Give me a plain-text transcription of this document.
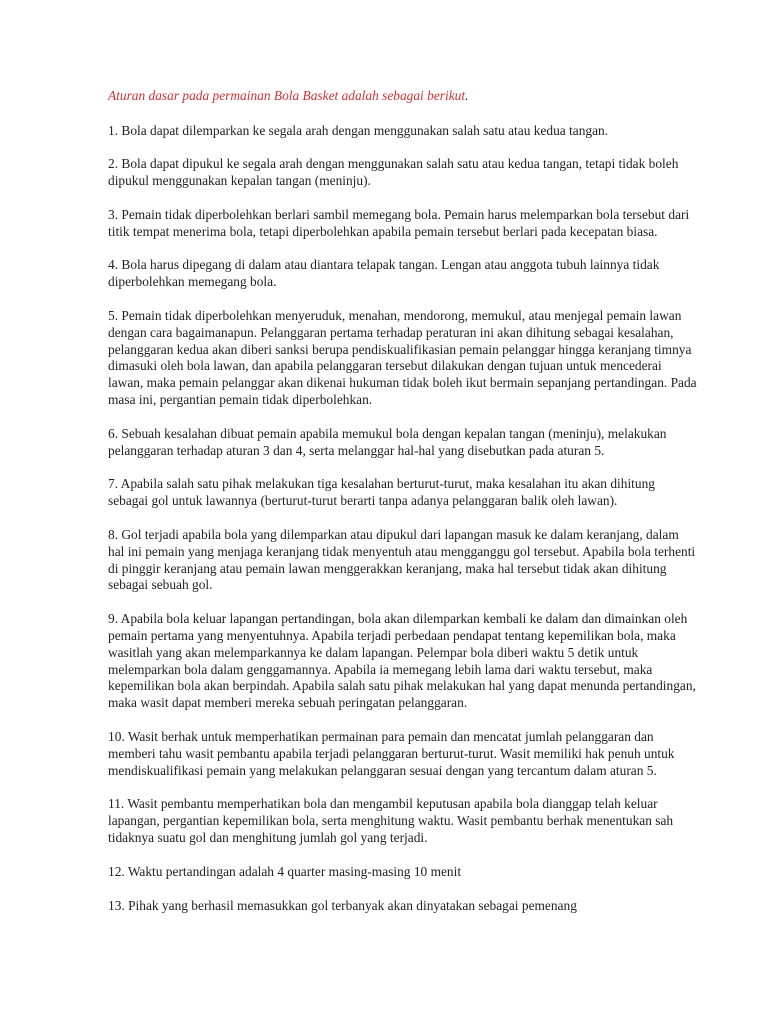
Aturan dasar pada permainan Bola Basket adalah sebagai berikut.

1. Bola dapat dilemparkan ke segala arah dengan menggunakan salah satu atau kedua tangan.

2. Bola dapat dipukul ke segala arah dengan menggunakan salah satu atau kedua tangan, tetapi tidak boleh
dipukul menggunakan kepalan tangan (meninju).

3. Pemain tidak diperbolehkan berlari sambil memegang bola. Pemain harus melemparkan bola tersebut dari
titik tempat menerima bola, tetapi diperbolehkan apabila pemain tersebut berlari pada kecepatan biasa.

4. Bola harus dipegang di dalam atau diantara telapak tangan. Lengan atau anggota tubuh lainnya tidak
diperbolehkan memegang bola.

5. Pemain tidak diperbolehkan menyeruduk, menahan, mendorong, memukul, atau menjegal pemain lawan
dengan cara bagaimanapun. Pelanggaran pertama terhadap peraturan ini akan dihitung sebagai kesalahan,
pelanggaran kedua akan diberi sanksi berupa pendiskualifikasian pemain pelanggar hingga keranjang timnya
dimasuki oleh bola lawan, dan apabila pelanggaran tersebut dilakukan dengan tujuan untuk mencederai
lawan, maka pemain pelanggar akan dikenai hukuman tidak boleh ikut bermain sepanjang pertandingan. Pada
masa ini, pergantian pemain tidak diperbolehkan.

6. Sebuah kesalahan dibuat pemain apabila memukul bola dengan kepalan tangan (meninju), melakukan
pelanggaran terhadap aturan 3 dan 4, serta melanggar hal-hal yang disebutkan pada aturan 5.

7. Apabila salah satu pihak melakukan tiga kesalahan berturut-turut, maka kesalahan itu akan dihitung
sebagai gol untuk lawannya (berturut-turut berarti tanpa adanya pelanggaran balik oleh lawan).

8. Gol terjadi apabila bola yang dilemparkan atau dipukul dari lapangan masuk ke dalam keranjang, dalam
hal ini pemain yang menjaga keranjang tidak menyentuh atau mengganggu gol tersebut. Apabila bola terhenti
di pinggir keranjang atau pemain lawan menggerakkan keranjang, maka hal tersebut tidak akan dihitung
sebagai sebuah gol.

9. Apabila bola keluar lapangan pertandingan, bola akan dilemparkan kembali ke dalam dan dimainkan oleh
pemain pertama yang menyentuhnya. Apabila terjadi perbedaan pendapat tentang kepemilikan bola, maka
wasitlah yang akan melemparkannya ke dalam lapangan. Pelempar bola diberi waktu 5 detik untuk
melemparkan bola dalam genggamannya. Apabila ia memegang lebih lama dari waktu tersebut, maka
kepemilikan bola akan berpindah. Apabila salah satu pihak melakukan hal yang dapat menunda pertandingan,
maka wasit dapat memberi mereka sebuah peringatan pelanggaran.

10. Wasit berhak untuk memperhatikan permainan para pemain dan mencatat jumlah pelanggaran dan
memberi tahu wasit pembantu apabila terjadi pelanggaran berturut-turut. Wasit memiliki hak penuh untuk
mendiskualifikasi pemain yang melakukan pelanggaran sesuai dengan yang tercantum dalam aturan 5.

11. Wasit pembantu memperhatikan bola dan mengambil keputusan apabila bola dianggap telah keluar
lapangan, pergantian kepemilikan bola, serta menghitung waktu. Wasit pembantu berhak menentukan sah
tidaknya suatu gol dan menghitung jumlah gol yang terjadi.

12. Waktu pertandingan adalah 4 quarter masing-masing 10 menit

13. Pihak yang berhasil memasukkan gol terbanyak akan dinyatakan sebagai pemenang
